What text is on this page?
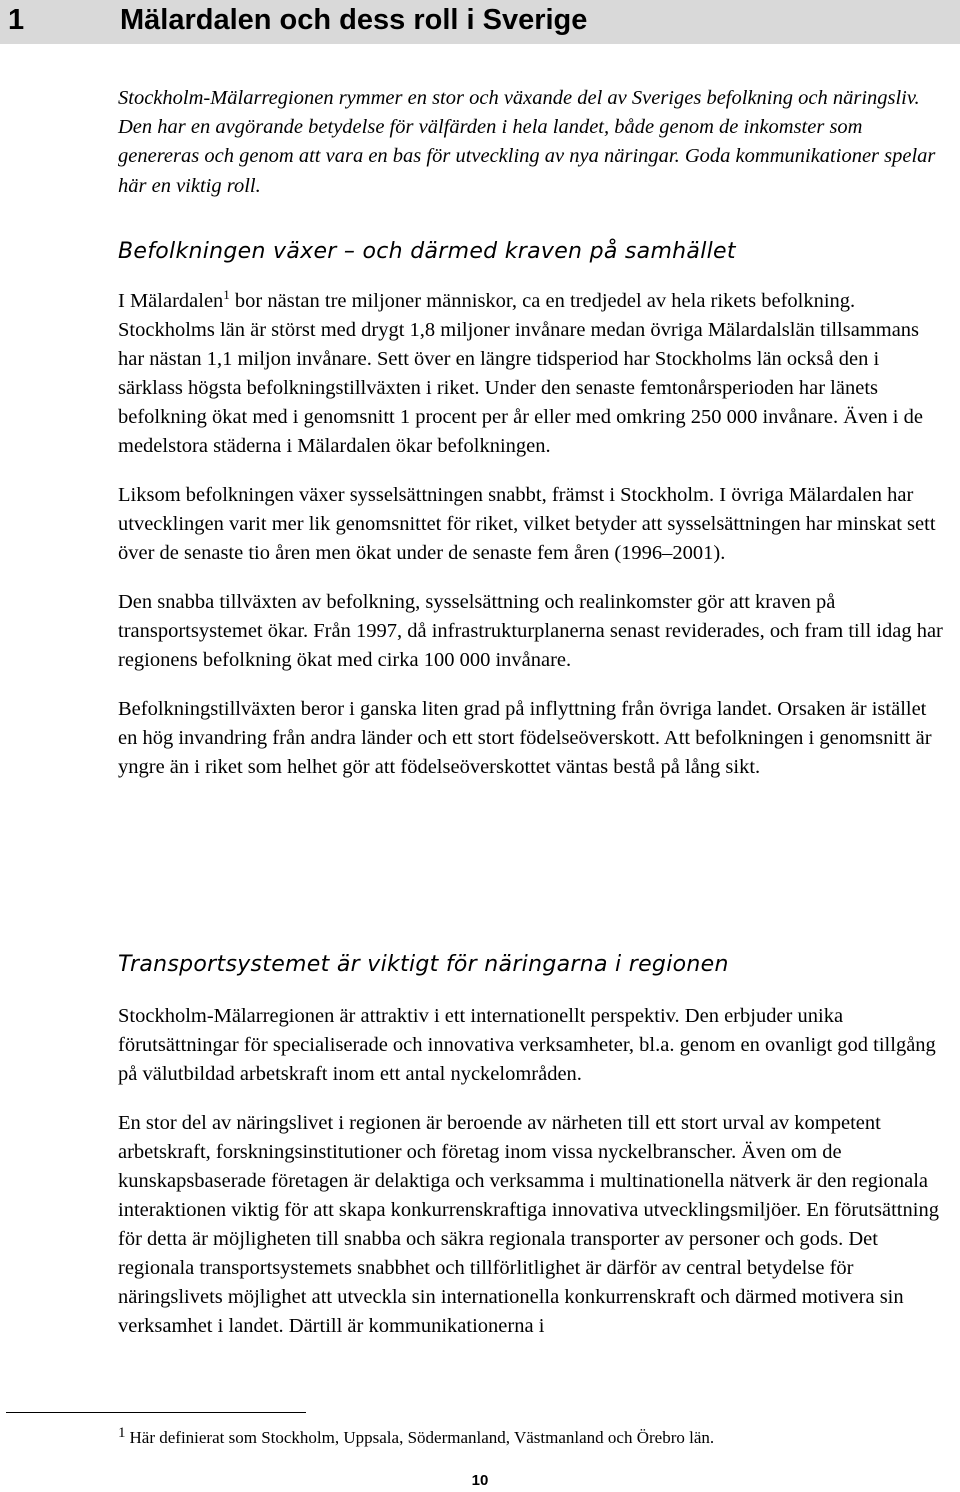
1	Mälardalen och dess roll i Sverige

Stockholm-Mälarregionen rymmer en stor och växande del av Sveriges befolkning och näringsliv. Den har en avgörande betydelse för välfärden i hela landet, både genom de inkomster som genereras och genom att vara en bas för utveckling av nya näringar. Goda kommunikationer spelar här en viktig roll.

Befolkningen växer – och därmed kraven på samhället

I Mälardalen$^1$ bor nästan tre miljoner människor, ca en tredjedel av hela rikets befolkning. Stockholms län är störst med drygt 1,8 miljoner invånare medan övriga Mälardalslän tillsammans har nästan 1,1 miljon invånare. Sett över en längre tidsperiod har Stockholms län också den i särklass högsta befolkningstillväxten i riket. Under den senaste femtonårsperioden har länets befolkning ökat med i genomsnitt 1 procent per år eller med omkring 250 000 invånare. Även i de medelstora städerna i Mälardalen ökar befolkningen.

Liksom befolkningen växer sysselsättningen snabbt, främst i Stockholm. I övriga Mälardalen har utvecklingen varit mer lik genomsnittet för riket, vilket betyder att sysselsättningen har minskat sett över de senaste tio åren men ökat under de senaste fem åren (1996–2001).

Den snabba tillväxten av befolkning, sysselsättning och realinkomster gör att kraven på transportsystemet ökar. Från 1997, då infrastrukturplanerna senast reviderades, och fram till idag har regionens befolkning ökat med cirka 100 000 invånare.

Befolkningstillväxten beror i ganska liten grad på inflyttning från övriga landet. Orsaken är istället en hög invandring från andra länder och ett stort födelseöverskott. Att befolkningen i genomsnitt är yngre än i riket som helhet gör att födelseöverskottet väntas bestå på lång sikt.

Transportsystemet är viktigt för näringarna i regionen

Stockholm-Mälarregionen är attraktiv i ett internationellt perspektiv. Den erbjuder unika förutsättningar för specialiserade och innovativa verksamheter, bl.a. genom en ovanligt god tillgång på välutbildad arbetskraft inom ett antal nyckelområden.

En stor del av näringslivet i regionen är beroende av närheten till ett stort urval av kompetent arbetskraft, forskningsinstitutioner och företag inom vissa nyckelbranscher. Även om de kunskapsbaserade företagen är delaktiga och verksamma i multinationella nätverk är den regionala interaktionen viktig för att skapa konkurrenskraftiga innovativa utvecklingsmiljöer. En förutsättning för detta är möjligheten till snabba och säkra regionala transporter av personer och gods. Det regionala transportsystemets snabbhet och tillförlitlighet är därför av central betydelse för näringslivets möjlighet att utveckla sin internationella konkurrenskraft och därmed motivera sin verksamhet i landet. Därtill är kommunikationerna i

1 Här definierat som Stockholm, Uppsala, Södermanland, Västmanland och Örebro län.
10
